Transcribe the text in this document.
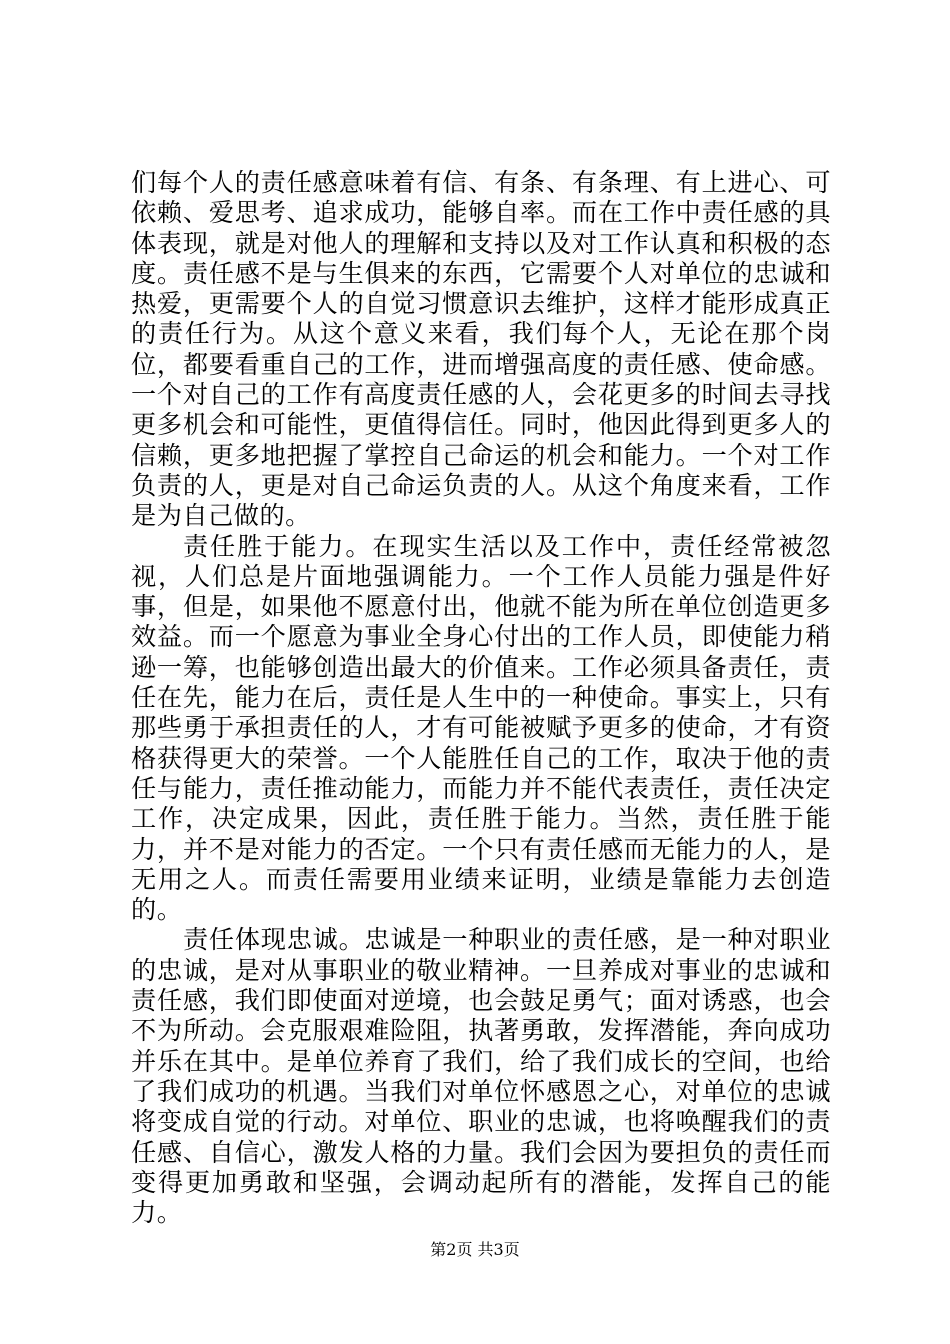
们每个人的责任感意味着有信、有条、有条理、有上进心、可依赖、爱思考、追求成功，能够自率。而在工作中责任感的具体表现，就是对他人的理解和支持以及对工作认真和积极的态度。责任感不是与生俱来的东西，它需要个人对单位的忠诚和热爱，更需要个人的自觉习惯意识去维护，这样才能形成真正的责任行为。从这个意义来看，我们每个人，无论在那个岗位，都要看重自己的工作，进而增强高度的责任感、使命感。一个对自己的工作有高度责任感的人，会花更多的时间去寻找更多机会和可能性，更值得信任。同时，他因此得到更多人的信赖，更多地把握了掌控自己命运的机会和能力。一个对工作负责的人，更是对自己命运负责的人。从这个角度来看，工作是为自己做的。

责任胜于能力。在现实生活以及工作中，责任经常被忽视，人们总是片面地强调能力。一个工作人员能力强是件好事，但是，如果他不愿意付出，他就不能为所在单位创造更多效益。而一个愿意为事业全身心付出的工作人员，即使能力稍逊一筹，也能够创造出最大的价值来。工作必须具备责任，责任在先，能力在后，责任是人生中的一种使命。事实上，只有那些勇于承担责任的人，才有可能被赋予更多的使命，才有资格获得更大的荣誉。一个人能胜任自己的工作，取决于他的责任与能力，责任推动能力，而能力并不能代表责任，责任决定工作，决定成果，因此，责任胜于能力。当然，责任胜于能力，并不是对能力的否定。一个只有责任感而无能力的人，是无用之人。而责任需要用业绩来证明，业绩是靠能力去创造的。

责任体现忠诚。忠诚是一种职业的责任感，是一种对职业的忠诚，是对从事职业的敬业精神。一旦养成对事业的忠诚和责任感，我们即使面对逆境，也会鼓足勇气；面对诱惑，也会不为所动。会克服艰难险阻，执著勇敢，发挥潜能，奔向成功并乐在其中。是单位养育了我们，给了我们成长的空间，也给了我们成功的机遇。当我们对单位怀感恩之心，对单位的忠诚将变成自觉的行动。对单位、职业的忠诚，也将唤醒我们的责任感、自信心，激发人格的力量。我们会因为要担负的责任而变得更加勇敢和坚强，会调动起所有的潜能，发挥自己的能力。

第2页 共3页
